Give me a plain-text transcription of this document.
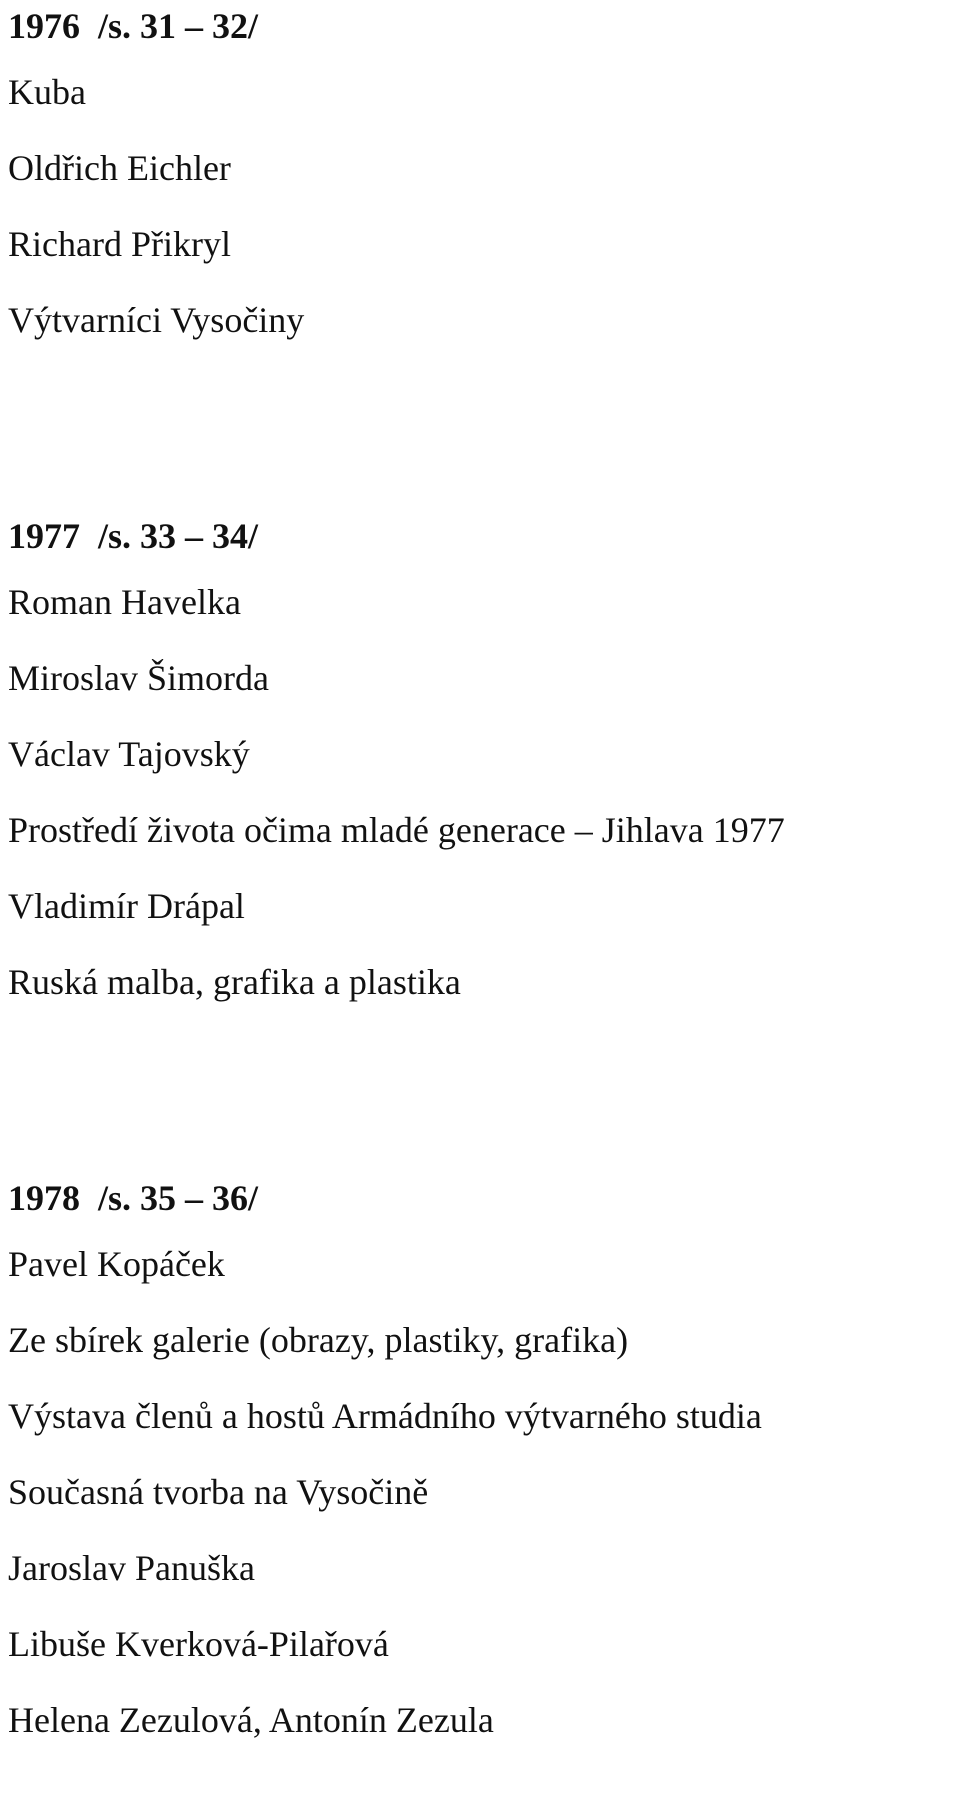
1976  /s. 31 – 32/
Kuba
Oldřich Eichler
Richard Přikryl
Výtvarníci Vysočiny
1977  /s. 33 – 34/
Roman Havelka
Miroslav Šimorda
Václav Tajovský
Prostředí života očima mladé generace – Jihlava 1977
Vladimír Drápal
Ruská malba, grafika a plastika
1978  /s. 35 – 36/
Pavel Kopáček
Ze sbírek galerie (obrazy, plastiky, grafika)
Výstava členů a hostů Armádního výtvarného studia
Současná tvorba na Vysočině
Jaroslav Panuška
Libuše Kverková-Pilařová
Helena Zezulová, Antonín Zezula
